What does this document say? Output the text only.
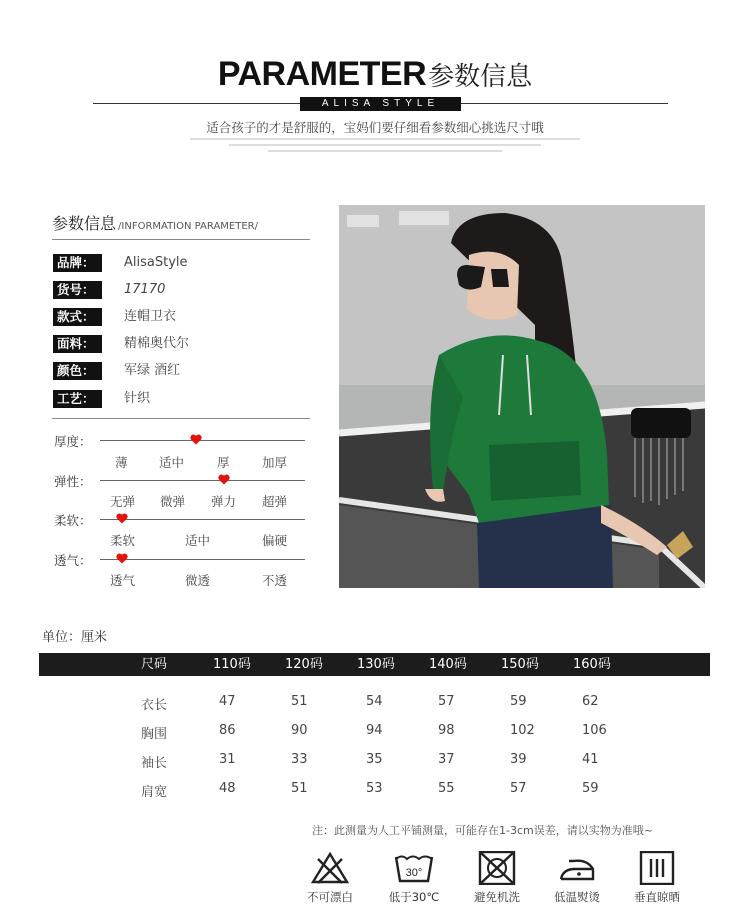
PARAMETER参数信息
ALISA STYLE
适合孩子的才是舒服的，宝妈们要仔细看参数细心挑选尺寸哦
参数信息 /INFORMATION PARAMETER/
品牌： AlisaStyle
货号： 17170
款式： 连帽卫衣
面料： 精棉奥代尔
颜色： 军绿 酒红
工艺： 针织
厚度：
薄	适中	厚	加厚
弹性：
无弹 微弹 弹力 超弹
柔软：
柔软	适中	偏硬
透气：
透气	微透	不透
单位：厘米
尺码	110码	120码	130码	140码	150码	160码
衣长	47	51	54	57	59	62
胸围	86	90	94	98	102	106
袖长	31	33	35	37	39	41
肩宽	48	51	53	55	57	59
注：此测量为人工平铺测量，可能存在1-3cm误差，请以实物为准哦~
不可漂白
30°
低于30℃	避免机洗	低温熨烫	垂直晾晒
